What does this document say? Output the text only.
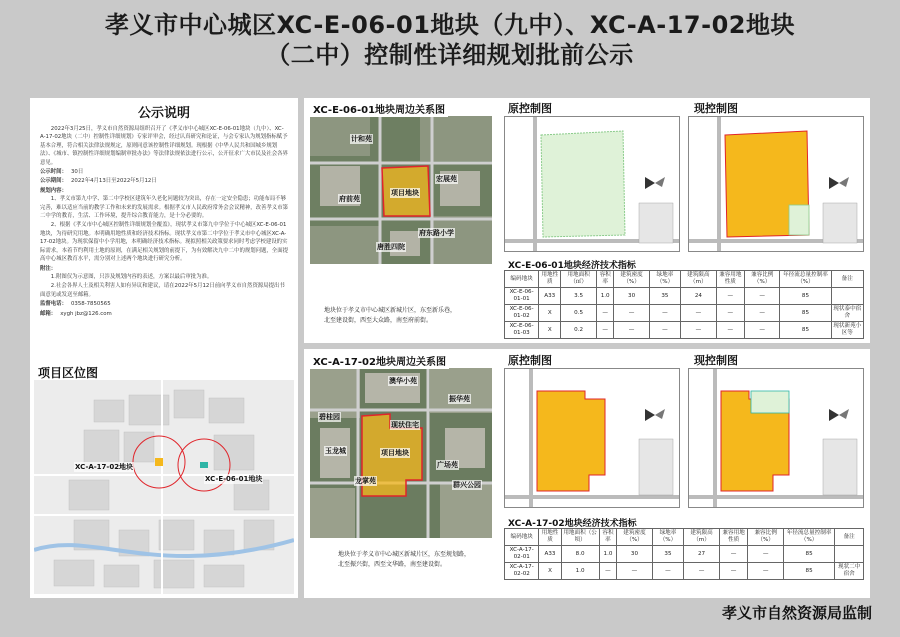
孝义市中心城区XC-E-06-01地块（九中）、XC-A-17-02地块
（二中）控制性详细规划批前公示
公示说明

2022年3月25日，孝义市自然资源局组织召开了《孝义市中心城区XC-E-06-01地块（九中）、XC-A-17-02地块（二中）控制性详细规划》专家评审会，经过认真研究和论证，与会专家认为规划指标赋予基本合理，符合相关法律法规规定，原则同意该控制性详细规划。现根据《中华人民共和国城乡规划法》、《城市、镇控制性详细规划编制审批办法》等法律法规依法进行公示，公开征求广大市民及社会各界意见。

公示时间： 30日
公示期间： 2022年4月13日至2022年5月12日
规划内容：

1、孝义市第九中学、第二中学校区建筑年久老化问题较为突出，存在一定安全隐患；功能布局不够完善，难以适应当前的教学工作和未来的发展需求。根据孝义市人民政府常务会会议精神，改善孝义市第二中学的教育，生活、工作环境，提升综合教育能力，是十分必要的。

2、根据《孝义市中心城区控制性详细规划全覆盖》，现状孝义市第九中学位于中心城区XC-E-06-01地块，为待研究用地。本明确用地性质和经济技术指标。现状孝义市第二中学位于孝义市中心城区XC-A-17-02地块。为现状保留中小学用地，本明确经济技术指标。现拟照相关政策要求同时考虑学校建设的实际需求，本着节约利用土地的原则，在满足相关规划的前提下，为有效解决九中二中的规划问题，全面提高中心城区教育水平，需分别对上述两个地块进行研究分析。

附注：

1.附图仅为示意图，只涉及规划内容的表述，方案以最后审批为准。

2.社会各界人士及相关利害人如有异议和建议，请在2022年5月12日前向孝义市自然资源局提出书面意见或发送至邮箱。

监督电话： 0358-7850565
邮箱： xygh jbz@126.com
项目区位图
XC-A-17-02地块
XC-E-06-01地块
XC-E-06-01地块周边关系图
计和苑
府前苑
项目地块
宏展苑
唐胜四院
府东路小学
地块位于孝义市中心城区新城片区，东至新乐巷，
北至建设街，西至大众路，南至府前街。
原控制图	现控制图
XC-E-06-01地块经济技术指标
编码地块	用地性质	用地面积（㎡）	容积率	建筑密度（%）	绿地率（%）	建筑限高（m）	兼容用地性质	兼容比例（%）	年径流总量控制率（%）	备注
XC-E-06-01-01	A33	3.5	1.0	30	35	24	—	—	85	
XC-E-06-01-02	X	0.5	—	—	—	—	—	—	85	现状泰中宿舍
XC-E-06-01-03	X	0.2	—	—	—	—	—	—	85	现状新苑小区等
XC-A-17-02地块周边关系图
澳华小苑
振华苑
碧桂园
玉龙城
现状住宅
项目地块
广场苑
龙掌苑	群兴公园
地块位于孝义市中心城区新城片区，东至规划路，
北至振兴街，西至文华路，南至建设街。
原控制图	现控制图
XC-A-17-02地块经济技术指标
编码地块	用地性质	用地面积（公顷）	容积率	建筑密度（%）	绿地率（%）	建筑限高（m）	兼容用地性质	兼容比例（%）	年径流总量控制率（%）	备注
XC-A-17-02-01	A33	8.0	1.0	30	35	27	—	—	85	
XC-A-17-02-02	X	1.0	—	—	—	—	—	—	85	现状二中宿舍
孝义市自然资源局监制
